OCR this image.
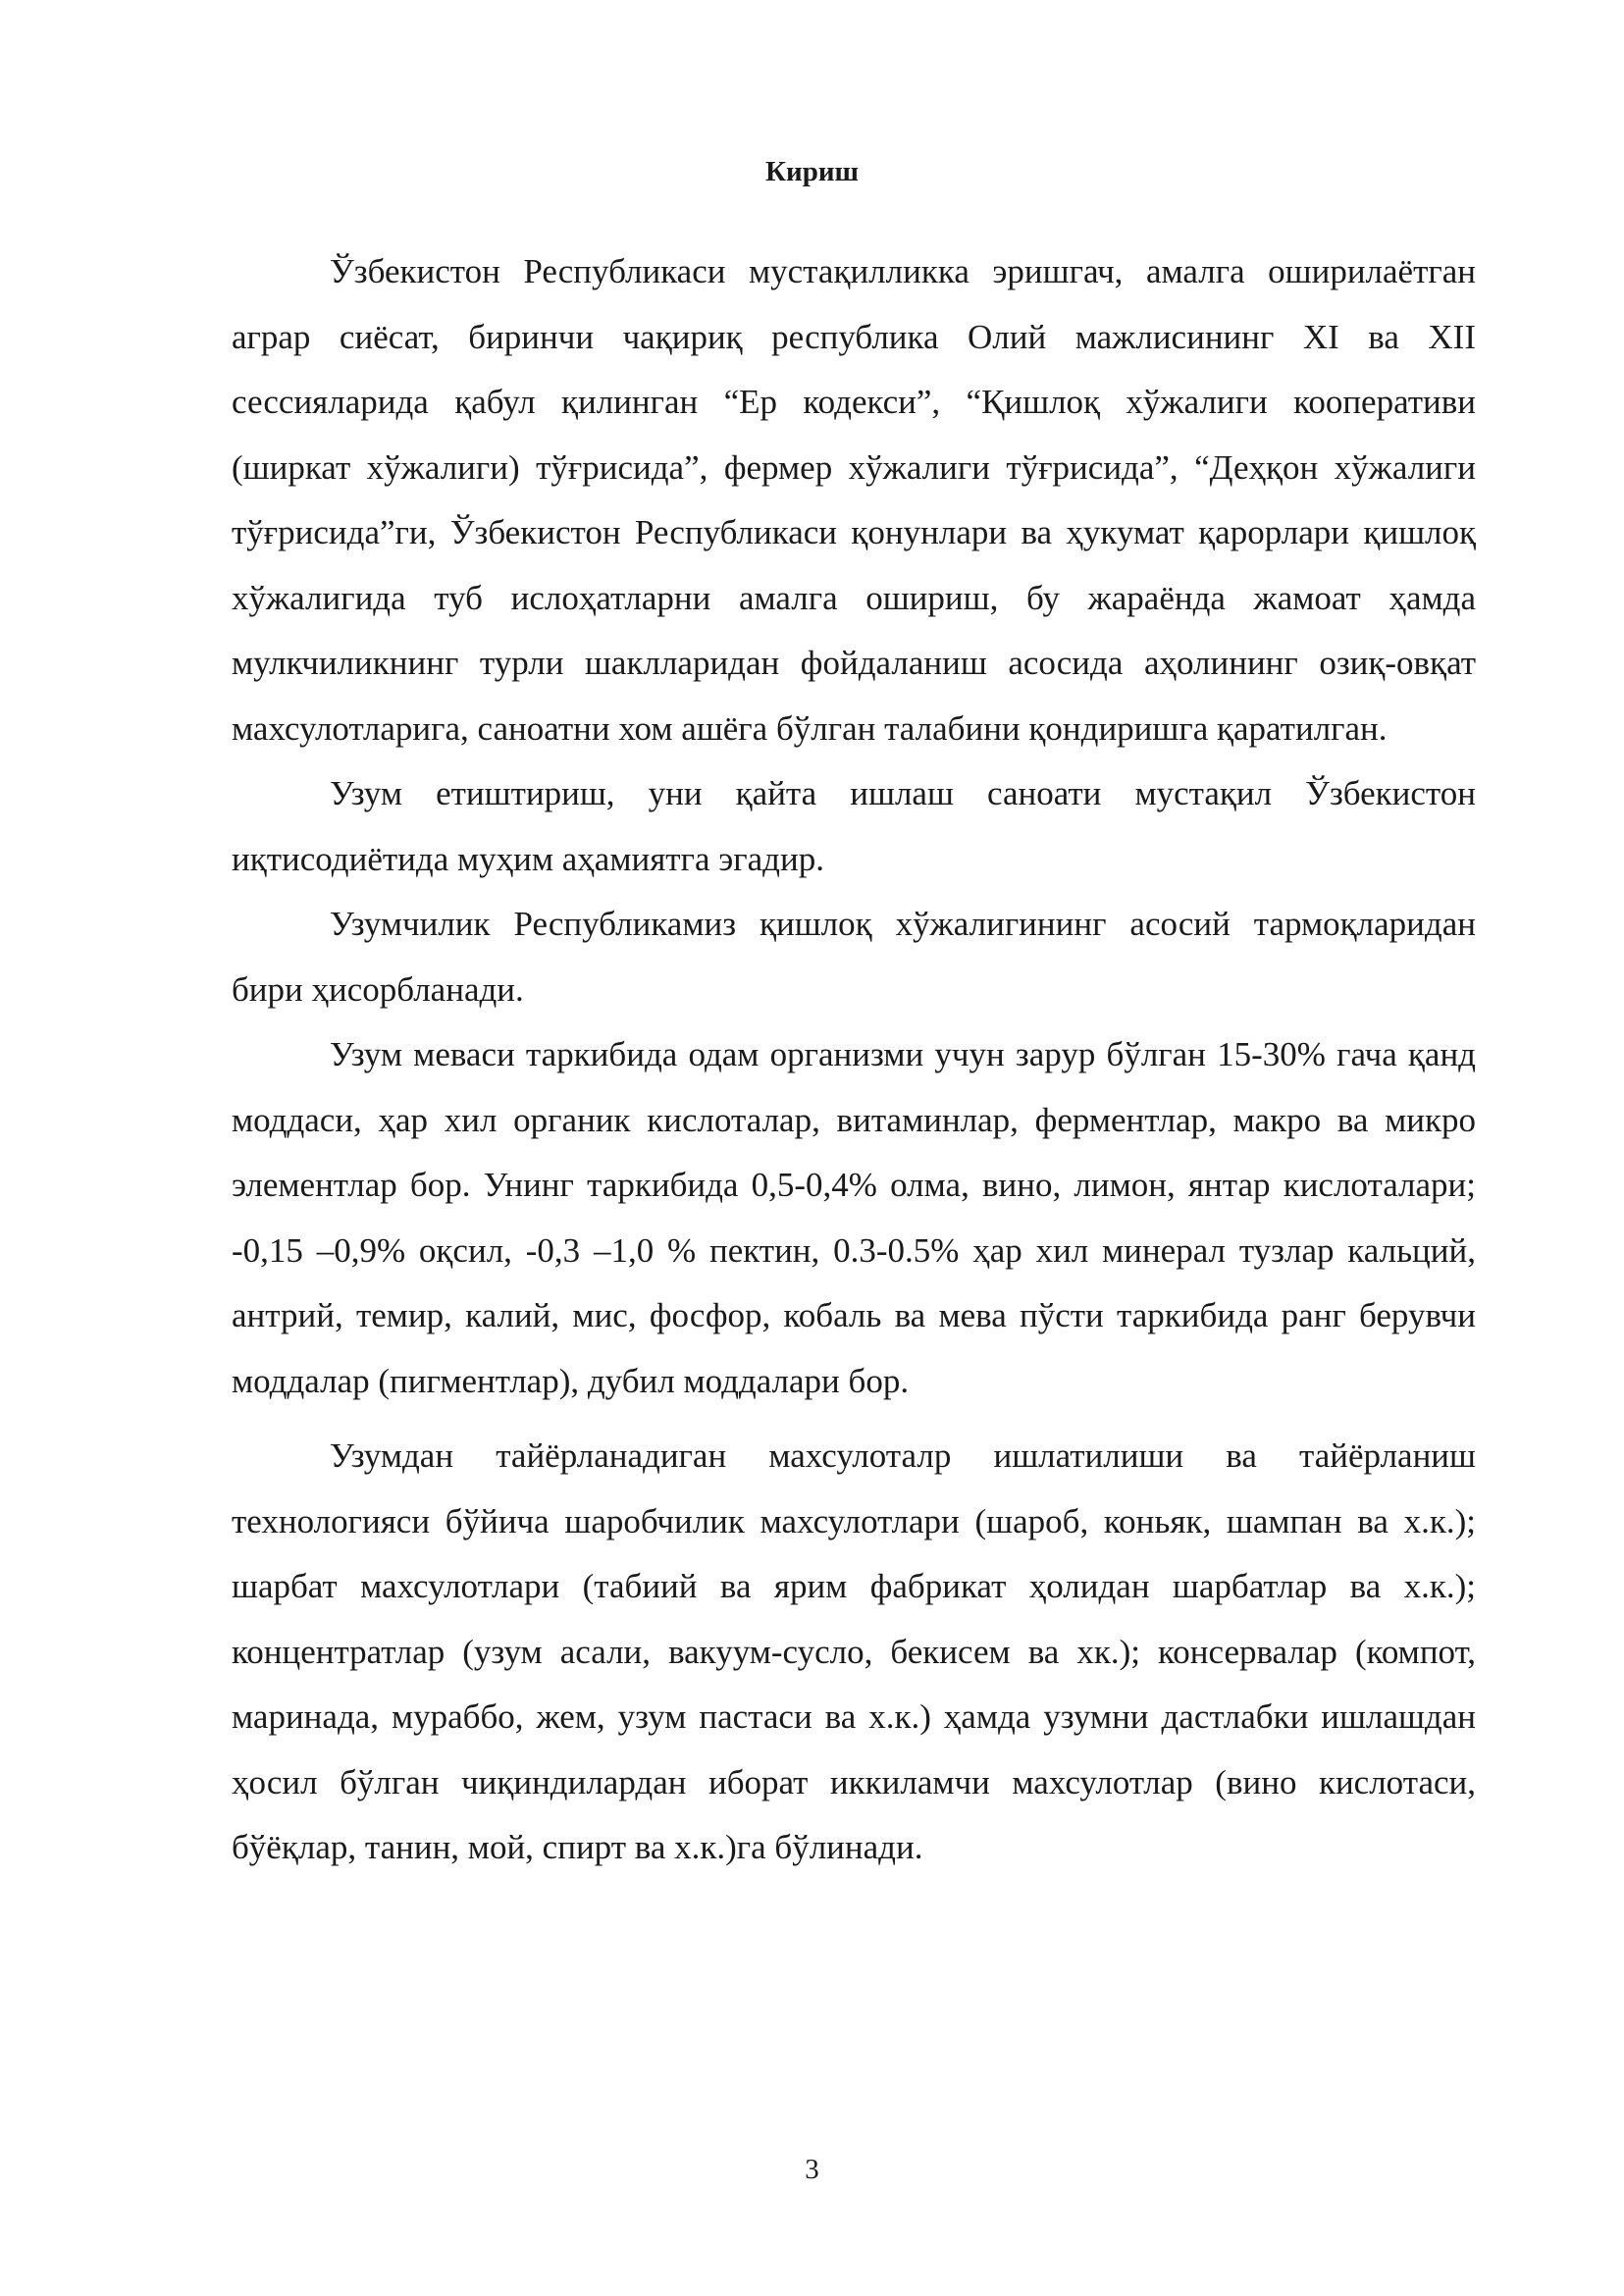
Кириш

Ўзбекистон Республикаси мустақилликка эришгач, амалга оширилаётган аграр сиёсат, биринчи чақириқ республика Олий мажлисининг XI ва XII сессияларида қабул қилинган “Ер кодекси”, “Қишлоқ хўжалиги кооперативи (ширкат хўжалиги) тўғрисида”, фермер хўжалиги тўғрисида”, “Деҳқон хўжалиги тўғрисида”ги, Ўзбекистон Республикаси қонунлари ва ҳукумат қарорлари қишлоқ хўжалигида туб ислоҳатларни амалга ошириш, бу жараёнда жамоат ҳамда мулкчиликнинг турли шаклларидан фойдаланиш асосида аҳолининг озиқ-овқат махсулотларига, саноатни хом ашёга бўлган талабини қондиришга қаратилган.

Узум етиштириш, уни қайта ишлаш саноати мустақил Ўзбекистон иқтисодиётида муҳим аҳамиятга эгадир.

Узумчилик Республикамиз қишлоқ хўжалигининг асосий тармоқларидан бири ҳисорбланади.

Узум меваси таркибида одам организми учун зарур бўлган 15-30% гача қанд моддаси, ҳар хил органик кислоталар, витаминлар, ферментлар, макро ва микро элементлар бор. Унинг таркибида 0,5-0,4% олма, вино, лимон, янтар кислоталари; -0,15 –0,9% оқсил, -0,3 –1,0 % пектин, 0.3-0.5% ҳар хил минерал тузлар кальций, антрий, темир, калий, мис, фосфор, кобаль ва мева пўсти таркибида ранг берувчи моддалар (пигментлар), дубил моддалари бор.

Узумдан тайёрланадиган махсулоталр ишлатилиши ва тайёрланиш технологияси бўйича шаробчилик махсулотлари (шароб, коньяк, шампан ва х.к.); шарбат махсулотлари (табиий ва ярим фабрикат ҳолидан шарбатлар ва х.к.); концентратлар (узум асали, вакуум-сусло, бекисем ва хк.); консервалар (компот, маринада, мураббо, жем, узум пастаси ва х.к.) ҳамда узумни дастлабки ишлашдан ҳосил бўлган чиқиндилардан иборат иккиламчи махсулотлар (вино кислотаси, бўёқлар, танин, мой, спирт ва х.к.)га бўлинади.

3
